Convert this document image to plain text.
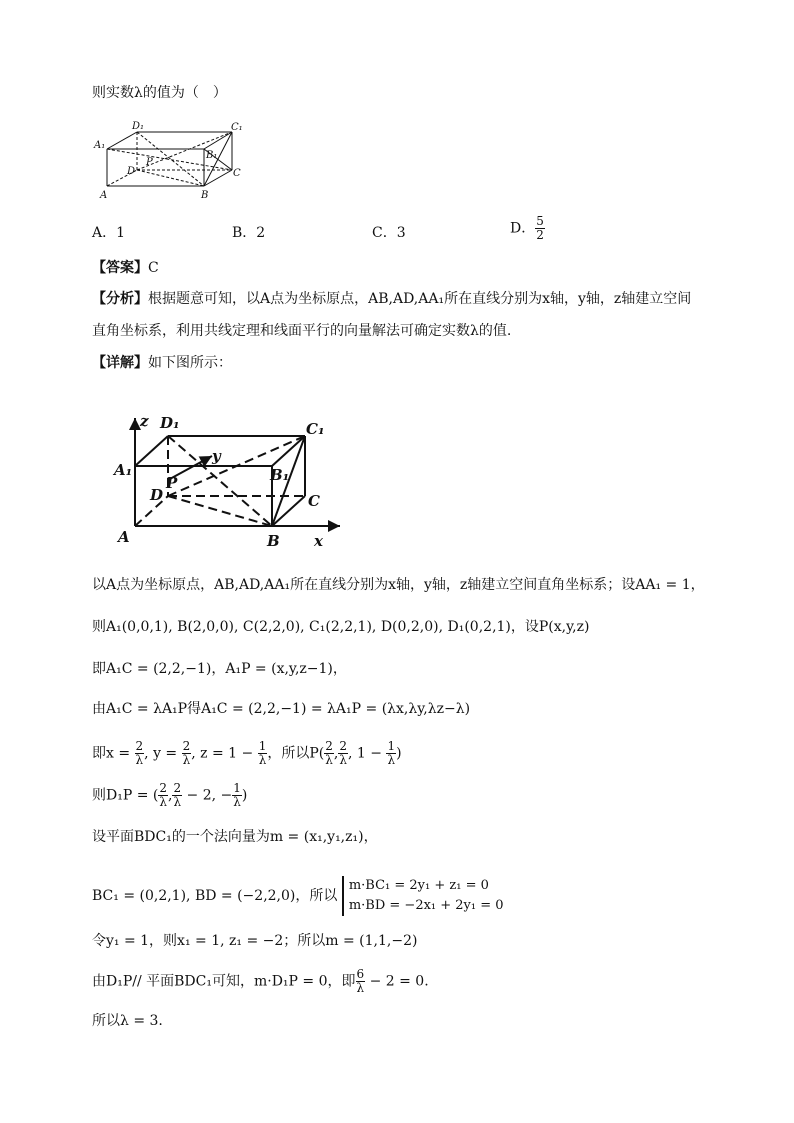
则实数λ的值为（　）
D₁	C₁
A₁
B₁
P
D	C
A	B
A．1	B．2	C．3	D． $\frac{5}{2}$
【答案】C
【分析】根据题意可知，以A点为坐标原点，AB,AD,AA₁所在直线分别为x轴，y轴，z轴建立空间
直角坐标系，利用共线定理和线面平行的向量解法可确定实数λ的值.
【详解】如下图所示：
z D₁	C₁
y
A₁	B₁
P
D	C
A	B x
以A点为坐标原点，AB,AD,AA₁所在直线分别为x轴，y轴，z轴建立空间直角坐标系；设AA₁ = 1，
则A₁(0,0,1), B(2,0,0), C(2,2,0), C₁(2,2,1), D(0,2,0), D₁(0,2,1)，设P(x,y,z)
即A₁C = (2,2,−1)，A₁P = (x,y,z−1)，
由A₁C = λA₁P得A₁C = (2,2,−1) = λA₁P = (λx,λy,λz−λ)
即$x = \frac{2}{\lambda}$ , $y = \frac{2}{\lambda}$ , $z = 1 - \frac{1}{\lambda}$ ，所以$P( \frac{2}{\lambda}$ , $\frac{2}{\lambda}$ , $1 - \frac{1}{\lambda}$ )
则D₁P = ( $\frac{2}{\lambda}$ , $\frac{2}{\lambda} - 2$, − $\frac{1}{\lambda}$ )
设平面BDC₁的一个法向量为m = (x₁,y₁,z₁)，
BC₁ = (0,2,1), BD = (−2,2,0)，所以
m·BC₁ = 2y₁ + z₁ = 0
m·BD = −2x₁ + 2y₁ = 0
令y₁ = 1，则x₁ = 1, z₁ = −2；所以m = (1,1,−2)
由D₁P// 平面BDC₁可知，m·D₁P = 0，即 $\frac{6}{\lambda} - 2 = 0$.
所以λ = 3.
